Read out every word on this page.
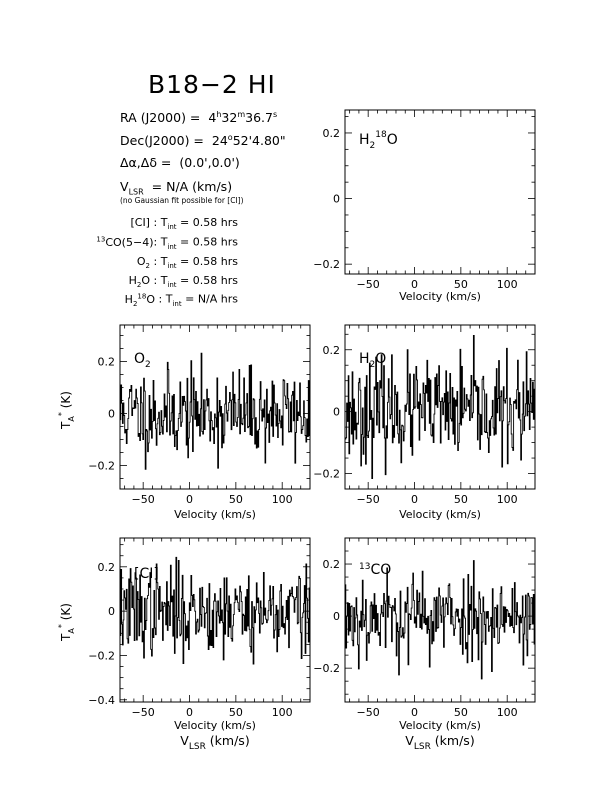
B18−2 HI
RA $(J2000) = 4^h32^m36.7^s$
$Dec(J2000) = 24^o52'4.80$"
Δα,Δδ = (0.0',0.0')
$V_{LSR} = N/A$ (km/s)
(no Gaussian fit possible for [CI])
[CI] : $T_{int} = 0.58$ hrs
$^{13}$CO(5−4): $T_{int} = 0.58$ hrs
$O_2$ : $T_{int} = 0.58$ hrs
$H_2O$ : $T_{int} = 0.58$ hrs
$H_2^{18}O$ : $T_{int} = N/A$ hrs
−50	0	50	100
−0.2
0
0.2
Velocity (km/s)
$H_2^{18}O$
−50	0	50	100
−0.2
0
0.2
Velocity (km/s)
$T_A^*$ (K)
$O_2$
−50	0	50	100
−0.2
0
0.2
Velocity (km/s)
$H_2O$
−50	0	50	100
−0.4
−0.2
0
0.2
Velocity (km/s)
$V_{LSR}$ (km/s)
$T_A^*$ (K)
[CI]
−50	0	50	100
−0.2
0
0.2
Velocity (km/s)
$V_{LSR}$ (km/s)
$^{13}$CO
